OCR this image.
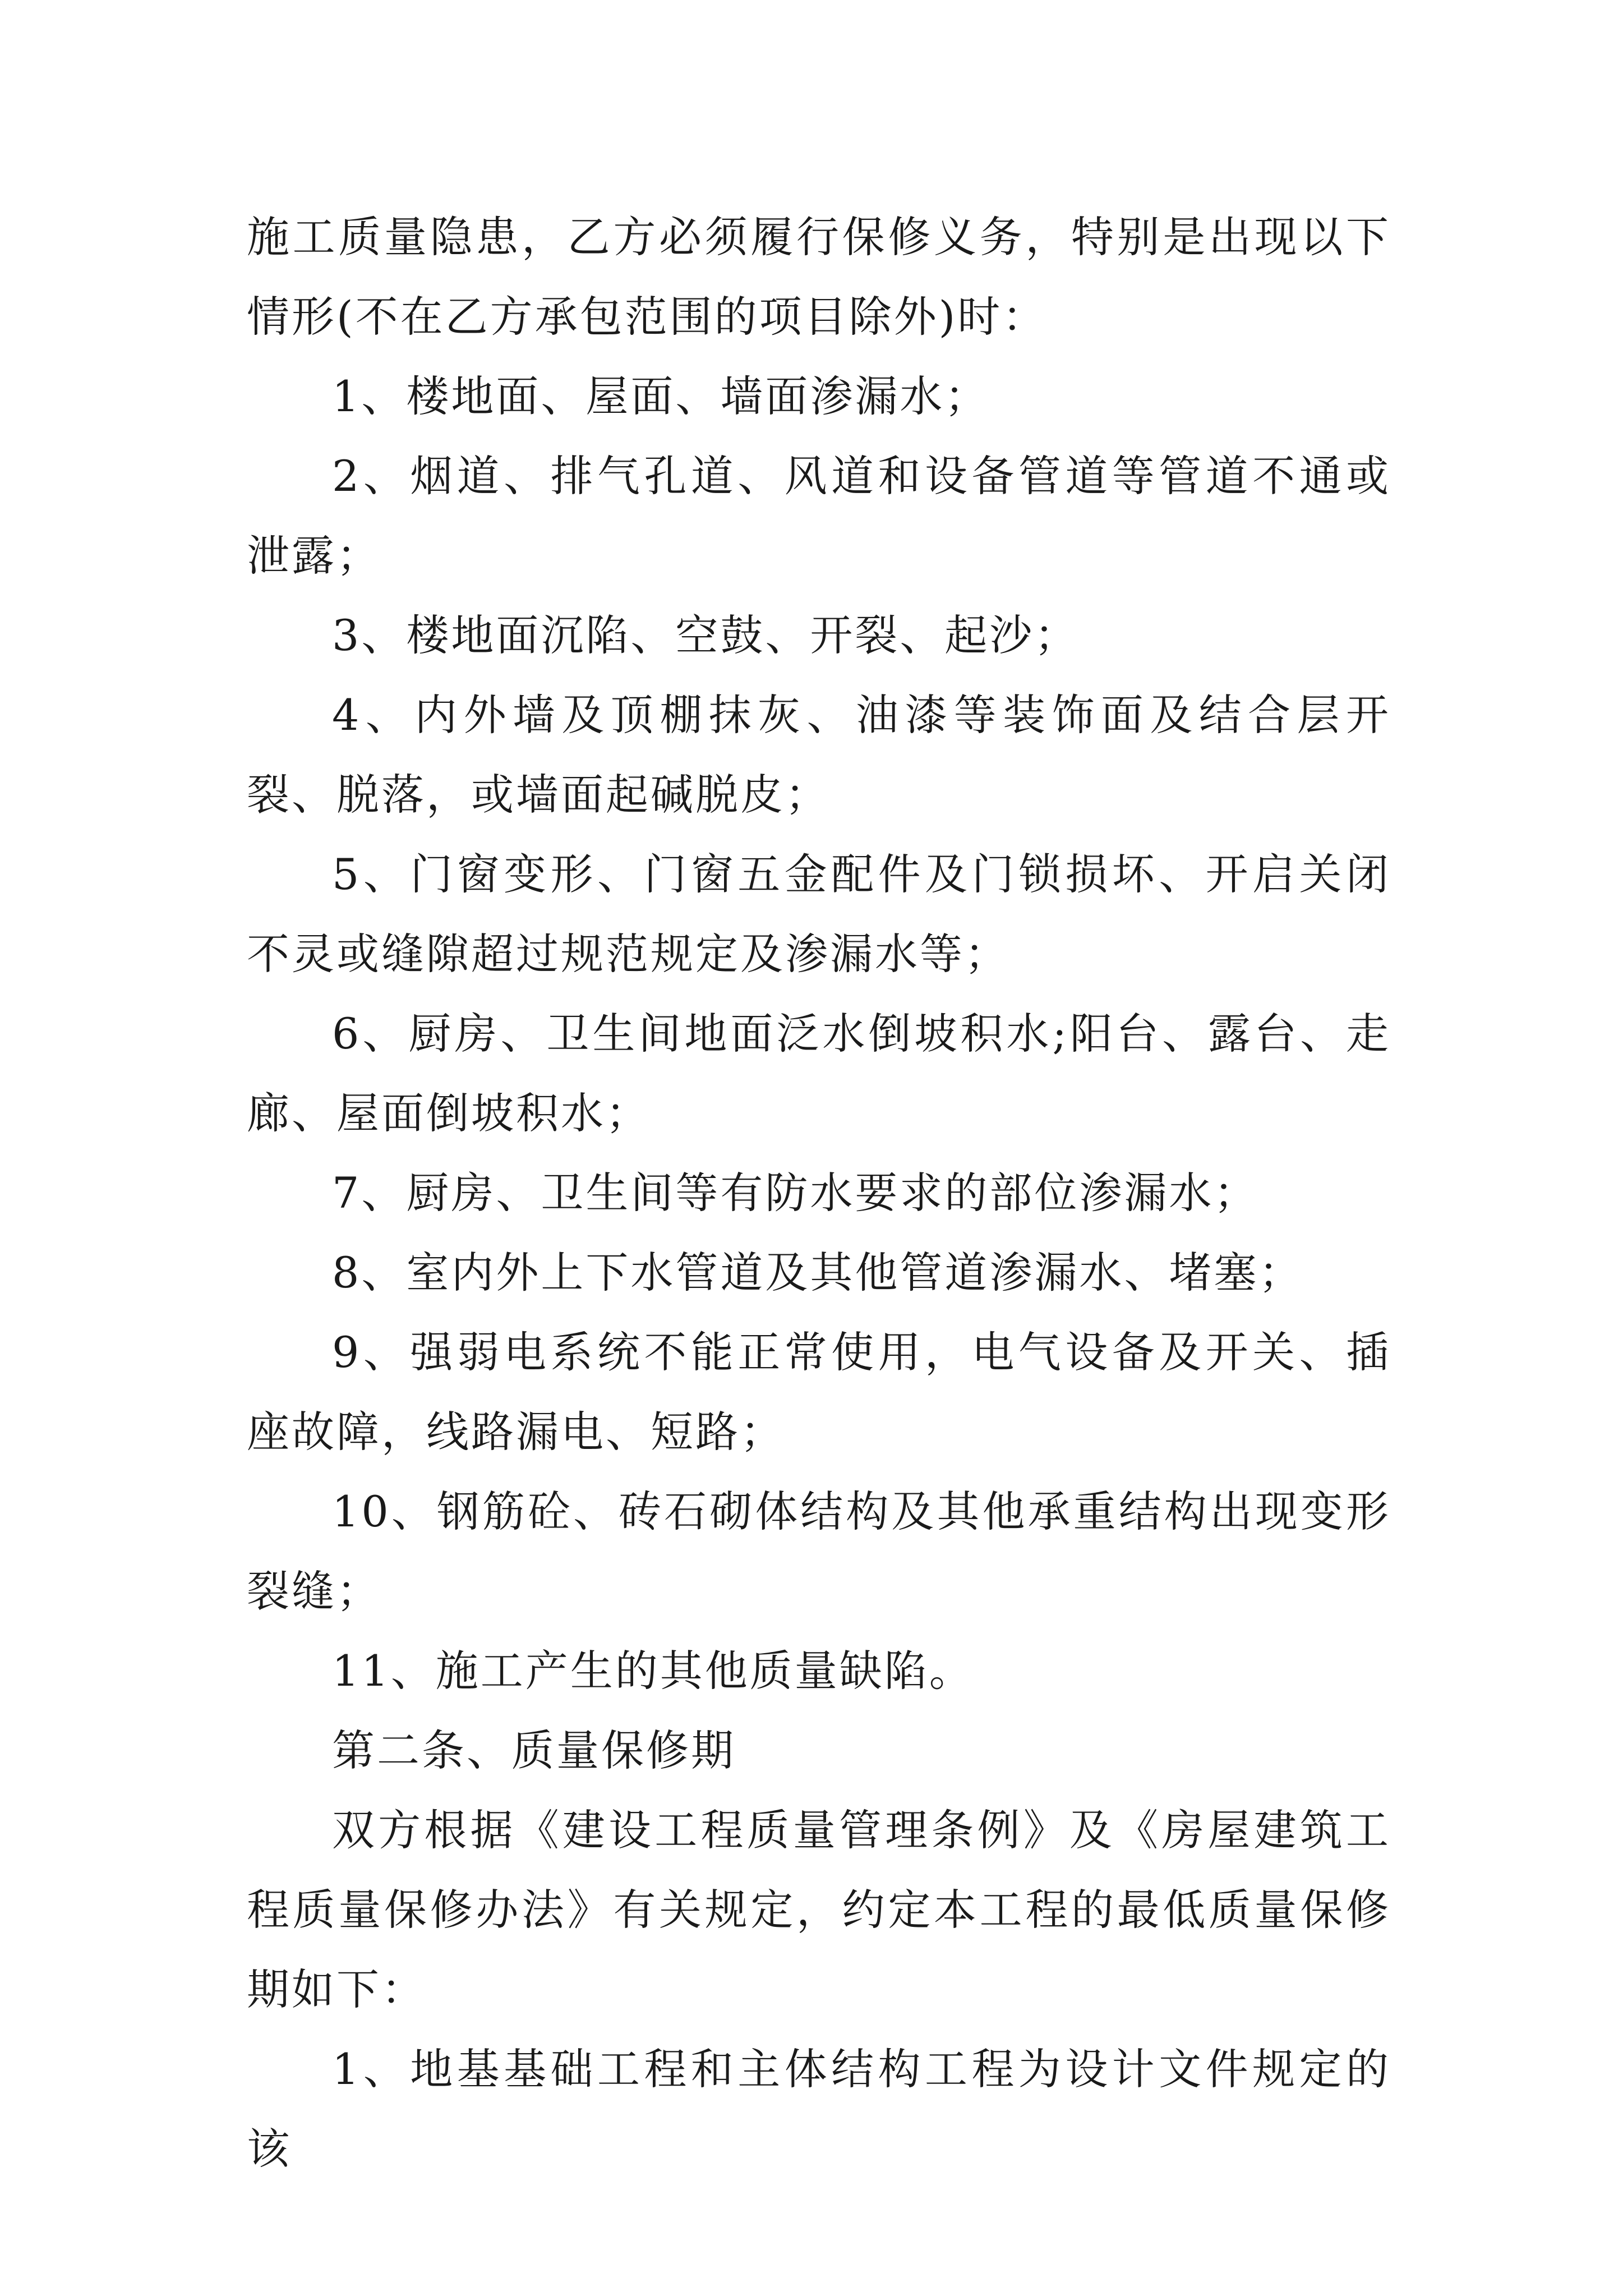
施工质量隐患，乙方必须履行保修义务，特别是出现以下情形(不在乙方承包范围的项目除外)时：

1、楼地面、屋面、墙面渗漏水；

2、烟道、排气孔道、风道和设备管道等管道不通或泄露；

3、楼地面沉陷、空鼓、开裂、起沙；

4、内外墙及顶棚抹灰、油漆等装饰面及结合层开裂、脱落，或墙面起碱脱皮；

5、门窗变形、门窗五金配件及门锁损坏、开启关闭不灵或缝隙超过规范规定及渗漏水等；

6、厨房、卫生间地面泛水倒坡积水;阳台、露台、走廊、屋面倒坡积水；

7、厨房、卫生间等有防水要求的部位渗漏水；

8、室内外上下水管道及其他管道渗漏水、堵塞；

9、强弱电系统不能正常使用，电气设备及开关、插座故障，线路漏电、短路；

10、钢筋砼、砖石砌体结构及其他承重结构出现变形裂缝；

11、施工产生的其他质量缺陷。

第二条、质量保修期

双方根据《建设工程质量管理条例》及《房屋建筑工程质量保修办法》有关规定，约定本工程的最低质量保修期如下：

1、地基基础工程和主体结构工程为设计文件规定的该
